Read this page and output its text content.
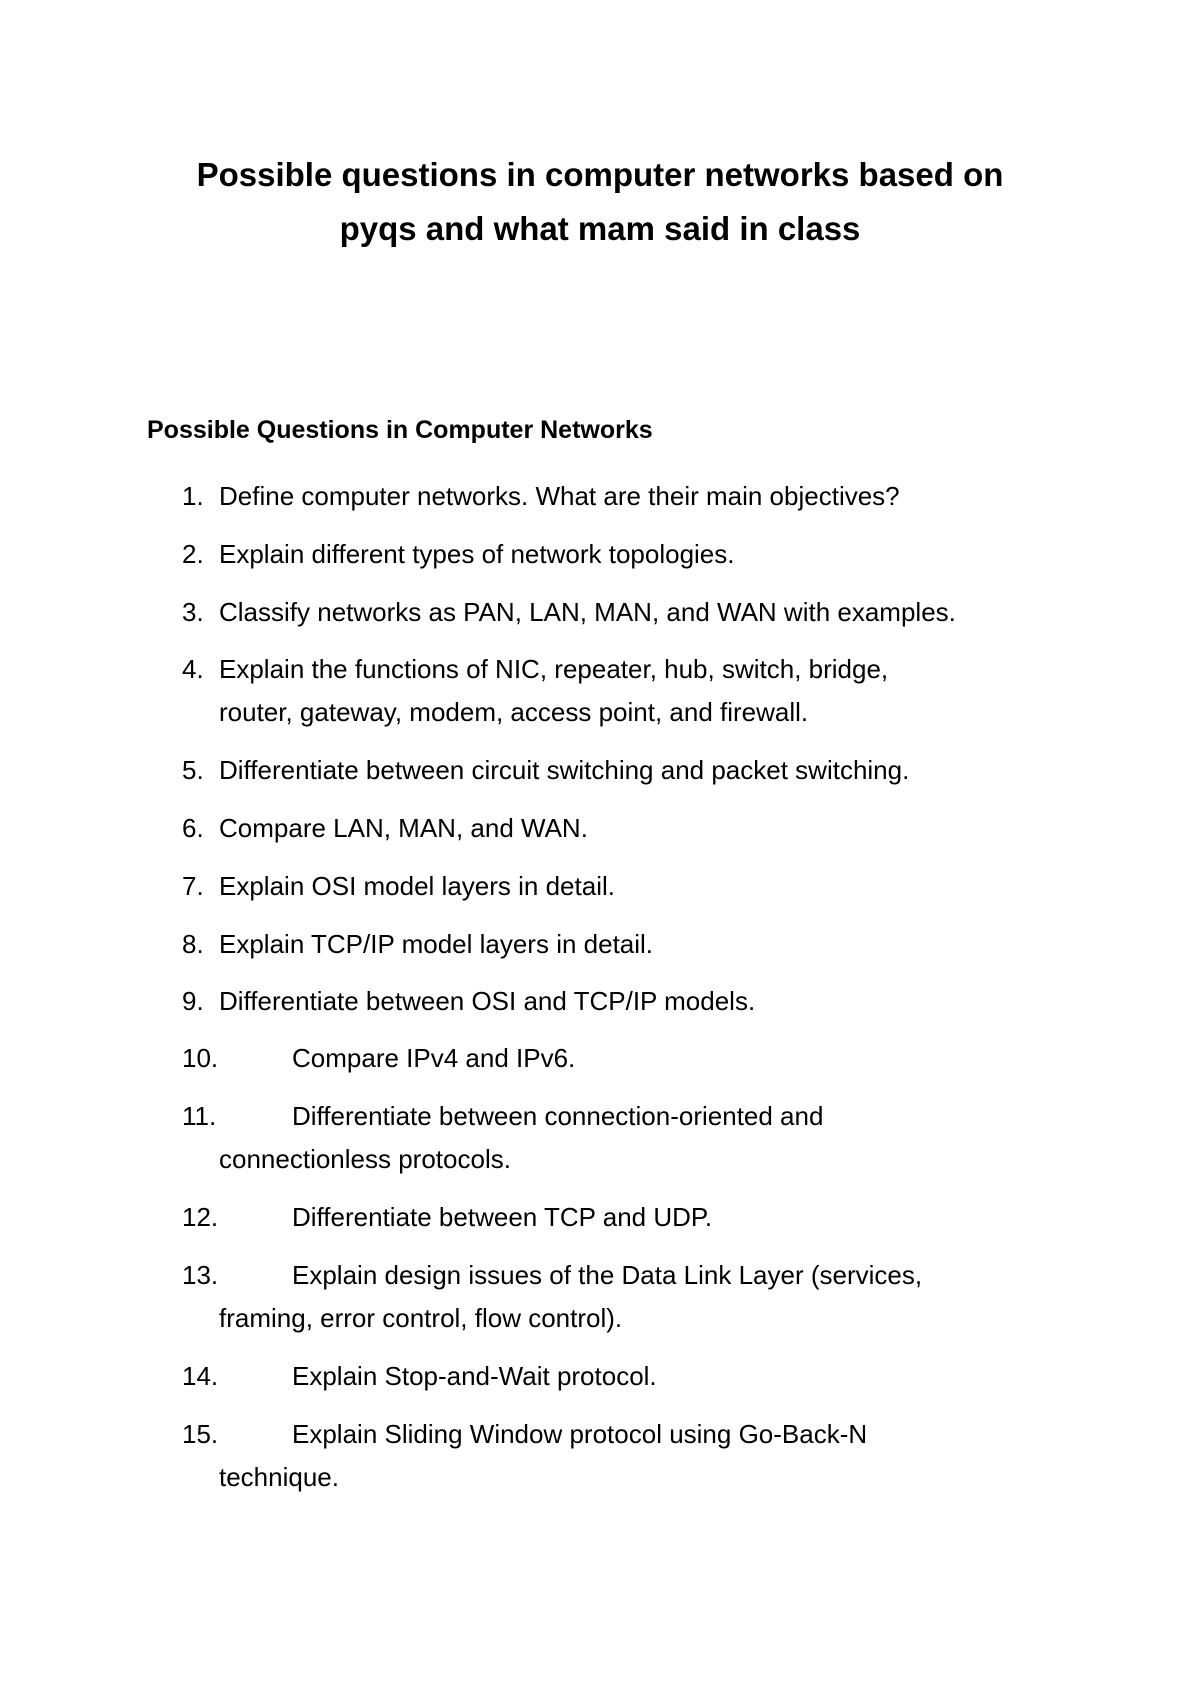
Possible questions in computer networks based on
pyqs and what mam said in class
Possible Questions in Computer Networks
1. Define computer networks. What are their main objectives?
2. Explain different types of network topologies.
3. Classify networks as PAN, LAN, MAN, and WAN with examples.
4. Explain the functions of NIC, repeater, hub, switch, bridge,
router, gateway, modem, access point, and firewall.
5. Differentiate between circuit switching and packet switching.
6. Compare LAN, MAN, and WAN.
7. Explain OSI model layers in detail.
8. Explain TCP/IP model layers in detail.
9. Differentiate between OSI and TCP/IP models.
10.	Compare IPv4 and IPv6.
11.	Differentiate between connection-oriented and
connectionless protocols.
12.	Differentiate between TCP and UDP.
13.	Explain design issues of the Data Link Layer (services,
framing, error control, flow control).
14.	Explain Stop-and-Wait protocol.
15.	Explain Sliding Window protocol using Go-Back-N
technique.
